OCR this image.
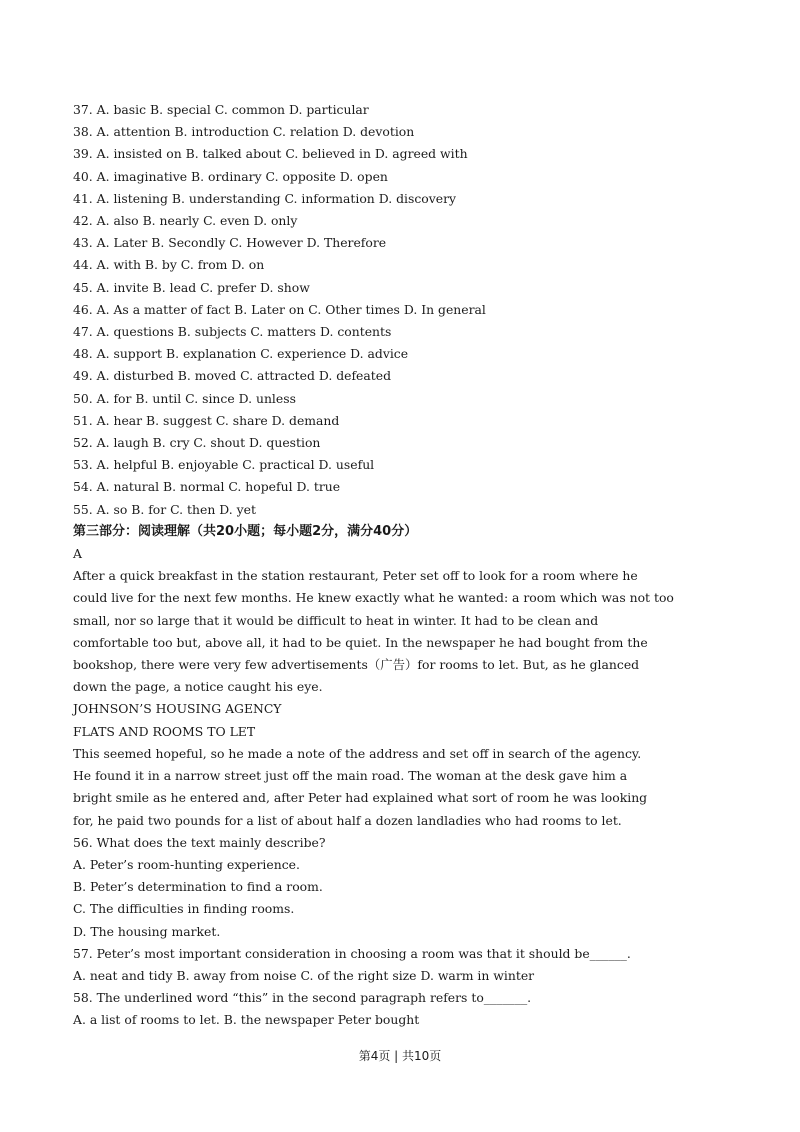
37. A. basic B. special C. common D. particular
38. A. attention B. introduction C. relation D. devotion
39. A. insisted on B. talked about C. believed in D. agreed with
40. A. imaginative B. ordinary C. opposite D. open
41. A. listening B. understanding C. information D. discovery
42. A. also B. nearly C. even D. only
43. A. Later B. Secondly C. However D. Therefore
44. A. with B. by C. from D. on
45. A. invite B. lead C. prefer D. show
46. A. As a matter of fact B. Later on C. Other times D. In general
47. A. questions B. subjects C. matters D. contents
48. A. support B. explanation C. experience D. advice
49. A. disturbed B. moved C. attracted D. defeated
50. A. for B. until C. since D. unless
51. A. hear B. suggest C. share D. demand
52. A. laugh B. cry C. shout D. question
53. A. helpful B. enjoyable C. practical D. useful
54. A. natural B. normal C. hopeful D. true
55. A. so B. for C. then D. yet
第三部分：阅读理解（共20小题；每小题2分，满分40分）
A
After a quick breakfast in the station restaurant, Peter set off to look for a room where he
could live for the next few months. He knew exactly what he wanted: a room which was not too
small, nor so large that it would be difficult to heat in winter. It had to be clean and
comfortable too but, above all, it had to be quiet. In the newspaper he had bought from the
bookshop, there were very few advertisements（广告）for rooms to let. But, as he glanced
down the page, a notice caught his eye.
JOHNSON’S HOUSING AGENCY
FLATS AND ROOMS TO LET
This seemed hopeful, so he made a note of the address and set off in search of the agency.
He found it in a narrow street just off the main road. The woman at the desk gave him a
bright smile as he entered and, after Peter had explained what sort of room he was looking
for, he paid two pounds for a list of about half a dozen landladies who had rooms to let.
56. What does the text mainly describe?
A. Peter’s room-hunting experience.
B. Peter’s determination to find a room.
C. The difficulties in finding rooms.
D. The housing market.
57. Peter’s most important consideration in choosing a room was that it should be______.
A. neat and tidy B. away from noise C. of the right size D. warm in winter
58. The underlined word “this” in the second paragraph refers to_______.
A. a list of rooms to let. B. the newspaper Peter bought
第4页 | 共10页
